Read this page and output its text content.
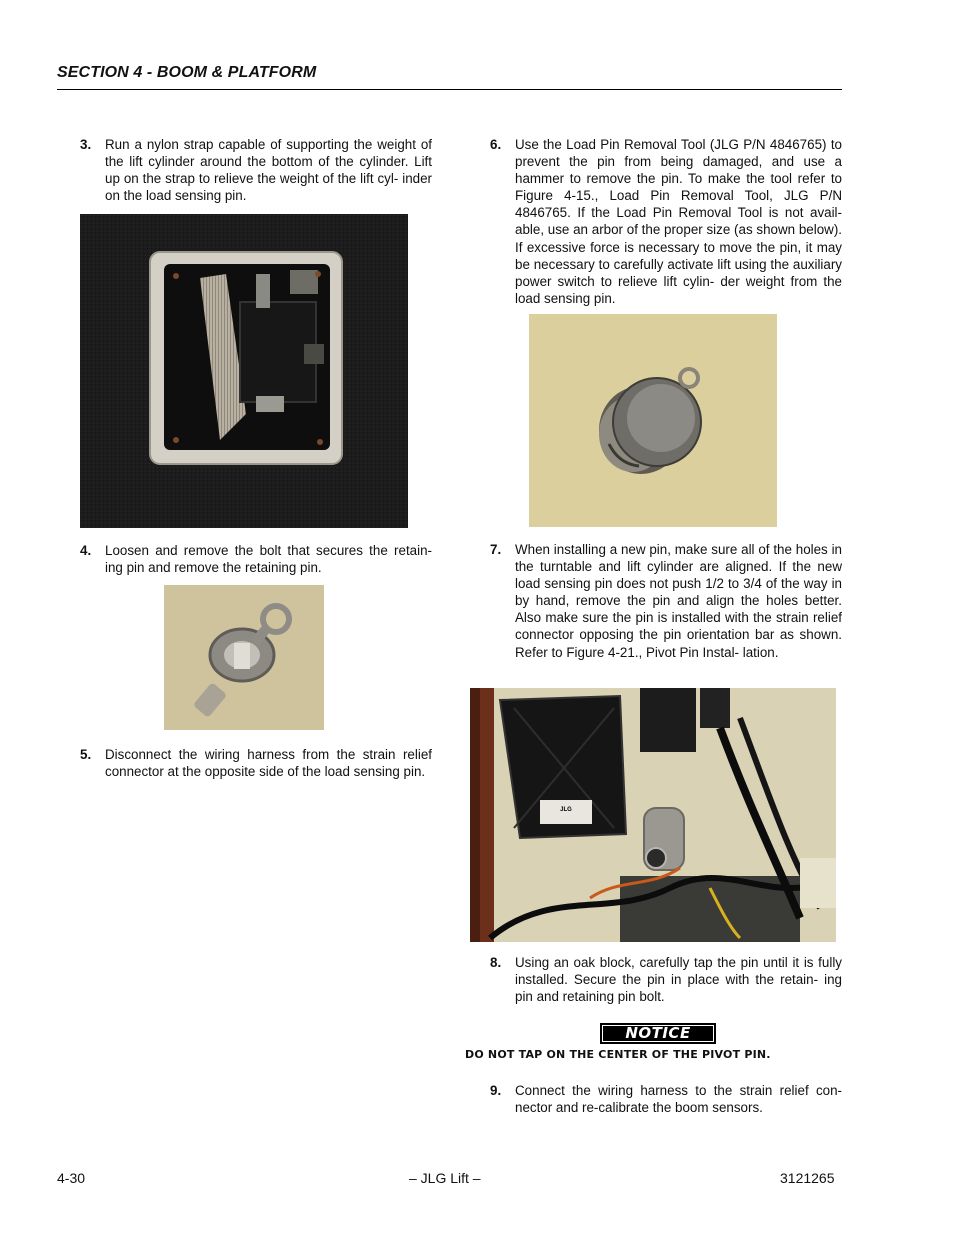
SECTION 4 - BOOM & PLATFORM
3. Run a nylon strap capable of supporting the weight of the lift cylinder around the bottom of the cylinder. Lift up on the strap to relieve the weight of the lift cyl- inder on the load sensing pin.
4. Loosen and remove the bolt that secures the retain- ing pin and remove the retaining pin.
5. Disconnect the wiring harness from the strain relief connector at the opposite side of the load sensing pin.
6. Use the Load Pin Removal Tool (JLG P/N 4846765) to prevent the pin from being damaged, and use a hammer to remove the pin. To make the tool refer to Figure 4-15., Load Pin Removal Tool, JLG P/N 4846765. If the Load Pin Removal Tool is not avail- able, use an arbor of the proper size (as shown below). If excessive force is necessary to move the pin, it may be necessary to carefully activate lift using the auxiliary power switch to relieve lift cylin- der weight from the load sensing pin.
7. When installing a new pin, make sure all of the holes in the turntable and lift cylinder are aligned. If the new load sensing pin does not push 1/2 to 3/4 of the way in by hand, remove the pin and align the holes better. Also make sure the pin is installed with the strain relief connector opposing the pin orientation bar as shown. Refer to Figure 4-21., Pivot Pin Instal- lation.
JLG
8. Using an oak block, carefully tap the pin until it is fully installed. Secure the pin in place with the retain- ing pin and retaining pin bolt.
NOTICE
DO NOT TAP ON THE CENTER OF THE PIVOT PIN.
9. Connect the wiring harness to the strain relief con- nector and re-calibrate the boom sensors.
4-30	– JLG Lift –	3121265
